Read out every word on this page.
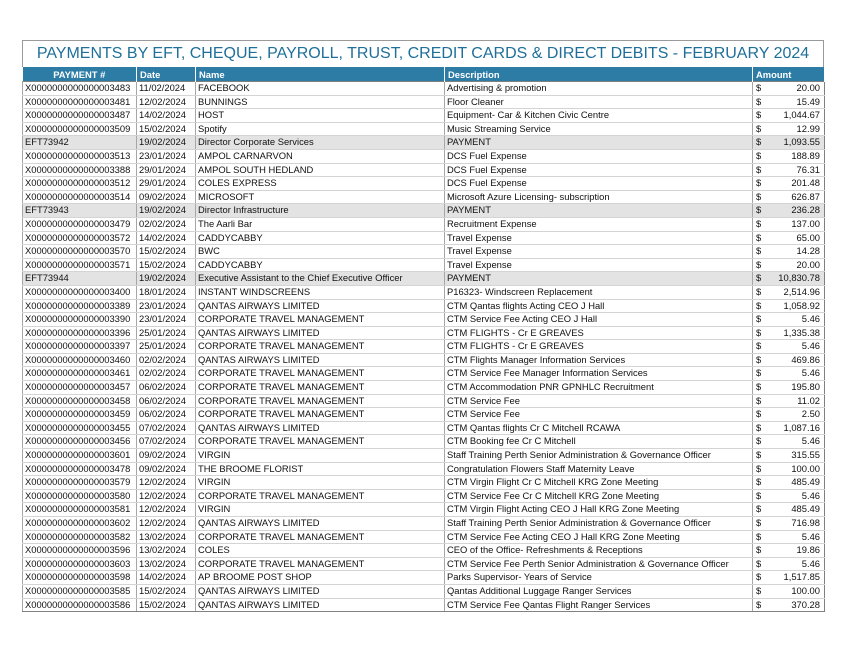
PAYMENTS BY EFT, CHEQUE, PAYROLL, TRUST, CREDIT CARDS & DIRECT DEBITS - FEBRUARY 2024
PAYMENT #	Date	Name	Description	Amount
X0000000000000003483	11/02/2024	FACEBOOK	Advertising & promotion	$ 20.00

X0000000000000003481	12/02/2024	BUNNINGS	Floor Cleaner	$ 15.49

X0000000000000003487	14/02/2024	HOST	Equipment- Car & Kitchen Civic Centre	$ 1,044.67

X0000000000000003509	15/02/2024	Spotify	Music Streaming Service	$ 12.99

EFT73942	19/02/2024	Director Corporate Services	PAYMENT	$ 1,093.55

X0000000000000003513	23/01/2024	AMPOL CARNARVON	DCS Fuel Expense	$ 188.89

X0000000000000003388	29/01/2024	AMPOL SOUTH HEDLAND	DCS Fuel Expense	$ 76.31

X0000000000000003512	29/01/2024	COLES EXPRESS	DCS Fuel Expense	$ 201.48

X0000000000000003514	09/02/2024	MICROSOFT	Microsoft Azure Licensing- subscription	$ 626.87

EFT73943	19/02/2024	Director Infrastructure	PAYMENT	$ 236.28

X0000000000000003479	02/02/2024	The Aarli Bar	Recruitment Expense	$ 137.00

X0000000000000003572	14/02/2024	CADDYCABBY	Travel Expense	$ 65.00

X0000000000000003570	15/02/2024	BWC	Travel Expense	$ 14.28

X0000000000000003571	15/02/2024	CADDYCABBY	Travel Expense	$ 20.00

EFT73944	19/02/2024	Executive Assistant to the Chief Executive Officer	PAYMENT	$ 10,830.78

X0000000000000003400	18/01/2024	INSTANT WINDSCREENS	P16323- Windscreen Replacement	$ 2,514.96

X0000000000000003389	23/01/2024	QANTAS AIRWAYS LIMITED	CTM Qantas flights Acting CEO J Hall	$ 1,058.92

X0000000000000003390	23/01/2024	CORPORATE TRAVEL MANAGEMENT	CTM Service Fee Acting CEO J Hall	$ 5.46

X0000000000000003396	25/01/2024	QANTAS AIRWAYS LIMITED	CTM FLIGHTS - Cr E GREAVES	$ 1,335.38

X0000000000000003397	25/01/2024	CORPORATE TRAVEL MANAGEMENT	CTM FLIGHTS - Cr E GREAVES	$ 5.46

X0000000000000003460	02/02/2024	QANTAS AIRWAYS LIMITED	CTM Flights Manager Information Services	$ 469.86

X0000000000000003461	02/02/2024	CORPORATE TRAVEL MANAGEMENT	CTM Service Fee Manager Information Services	$ 5.46

X0000000000000003457	06/02/2024	CORPORATE TRAVEL MANAGEMENT	CTM Accommodation PNR GPNHLC Recruitment	$ 195.80

X0000000000000003458	06/02/2024	CORPORATE TRAVEL MANAGEMENT	CTM Service Fee	$ 11.02

X0000000000000003459	06/02/2024	CORPORATE TRAVEL MANAGEMENT	CTM Service Fee	$ 2.50

X0000000000000003455	07/02/2024	QANTAS AIRWAYS LIMITED	CTM Qantas flights Cr C Mitchell RCAWA	$ 1,087.16

X0000000000000003456	07/02/2024	CORPORATE TRAVEL MANAGEMENT	CTM Booking fee Cr C Mitchell	$ 5.46

X0000000000000003601	09/02/2024	VIRGIN	Staff Training Perth Senior Administration & Governance Officer	$ 315.55

X0000000000000003478	09/02/2024	THE BROOME FLORIST	Congratulation Flowers Staff Maternity Leave	$ 100.00

X0000000000000003579	12/02/2024	VIRGIN	CTM Virgin Flight Cr C Mitchell KRG Zone Meeting	$ 485.49

X0000000000000003580	12/02/2024	CORPORATE TRAVEL MANAGEMENT	CTM Service Fee Cr C Mitchell KRG Zone Meeting	$ 5.46

X0000000000000003581	12/02/2024	VIRGIN	CTM Virgin Flight Acting CEO J Hall KRG Zone Meeting	$ 485.49

X0000000000000003602	12/02/2024	QANTAS AIRWAYS LIMITED	Staff Training Perth Senior Administration & Governance Officer	$ 716.98

X0000000000000003582	13/02/2024	CORPORATE TRAVEL MANAGEMENT	CTM Service Fee Acting CEO J Hall KRG Zone Meeting	$ 5.46

X0000000000000003596	13/02/2024	COLES	CEO of the Office- Refreshments & Receptions	$ 19.86

X0000000000000003603	13/02/2024	CORPORATE TRAVEL MANAGEMENT	CTM Service Fee Perth Senior Administration & Governance Officer	$ 5.46

X0000000000000003598	14/02/2024	AP BROOME POST SHOP	Parks Supervisor- Years of Service	$ 1,517.85

X0000000000000003585	15/02/2024	QANTAS AIRWAYS LIMITED	Qantas Additional Luggage Ranger Services	$ 100.00

X0000000000000003586	15/02/2024	QANTAS AIRWAYS LIMITED	CTM Service Fee Qantas Flight Ranger Services	$ 370.28
